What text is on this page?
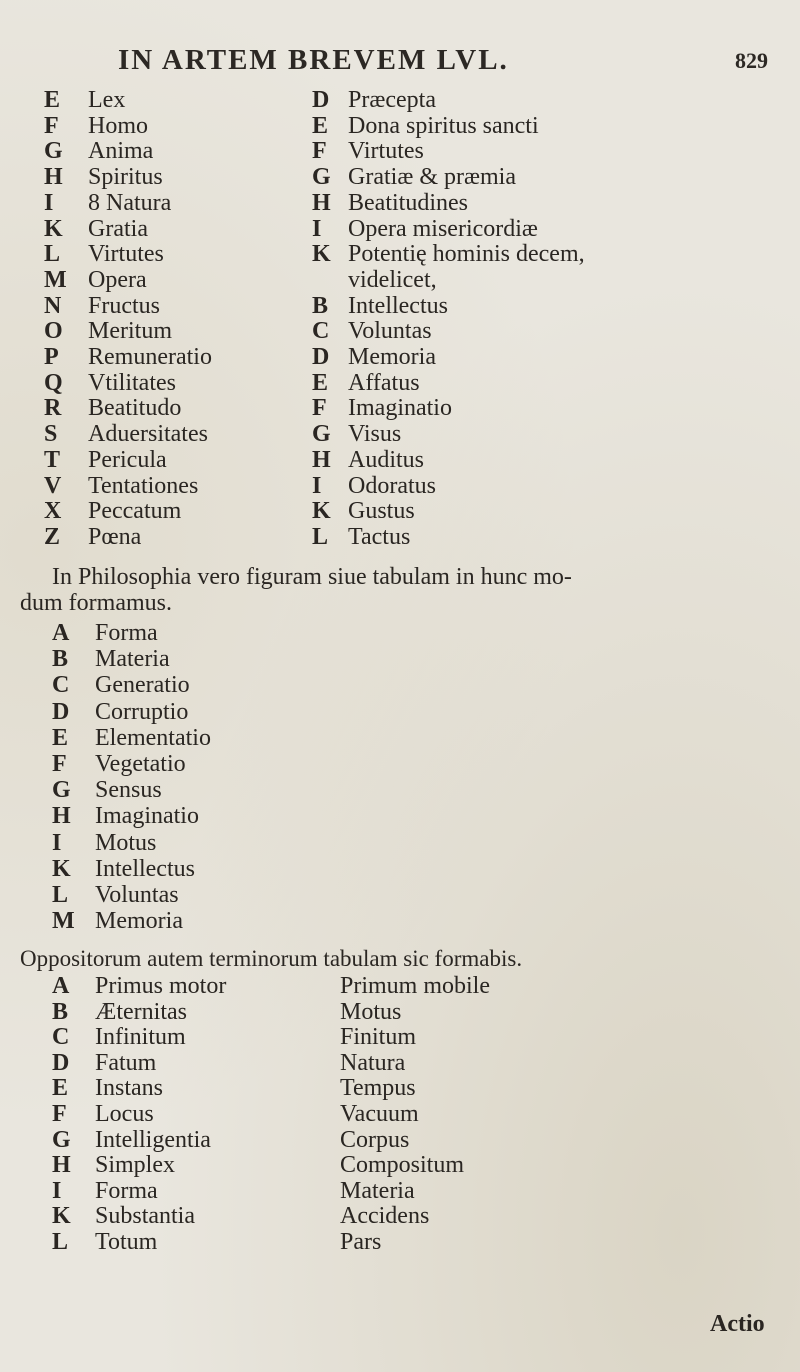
IN ARTEM BREVEM LVL.	829
E Lex
F Homo
G Anima
H Spiritus
I 8 Natura
K Gratia
L Virtutes
M Opera
N Fructus
O Meritum
P Remuneratio
Q Vtilitates
R Beatitudo
S Aduersitates
T Pericula
V Tentationes
X Peccatum
Z Pœna
D Præcepta
E Dona spiritus sancti
F Virtutes
G Gratiæ & præmia
H Beatitudines
I Opera misericordiæ
K Potentię hominis decem,
videlicet,
B Intellectus
C Voluntas
D Memoria
E Affatus
F Imaginatio
G Visus
H Auditus
I Odoratus
K Gustus
L Tactus
In Philosophia vero figuram siue tabulam in hunc mo-
dum formamus.
A Forma
B Materia
C Generatio
D Corruptio
E Elementatio
F Vegetatio
G Sensus
H Imaginatio
I Motus
K Intellectus
L Voluntas
M Memoria
Oppositorum autem terminorum tabulam sic formabis.
A Primus motor	Primum mobile
B Æternitas	Motus
C Infinitum	Finitum
D Fatum	Natura
E Instans	Tempus
F Locus	Vacuum
G Intelligentia	Corpus
H Simplex	Compositum
I Forma	Materia
K Substantia	Accidens
L Totum	Pars
Actio
